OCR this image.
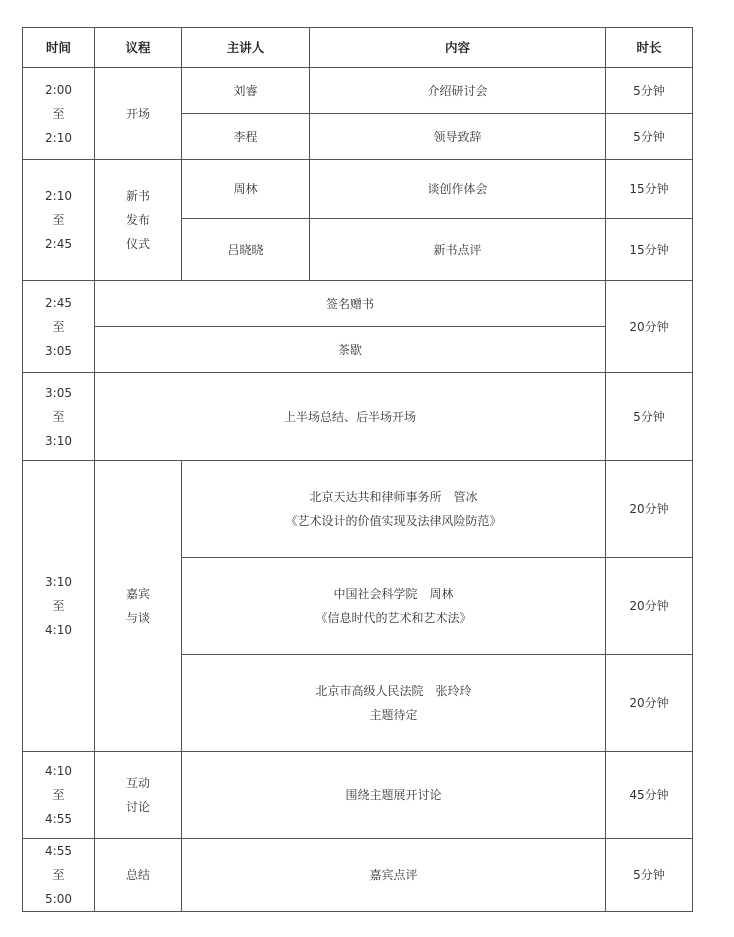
时间	议程	主讲人	内容	时长

2:00
至
2:10	开场	刘睿	介绍研讨会	5分钟
		李程	领导致辞	5分钟

2:10
至
2:45	新书
发布
仪式	周林	谈创作体会	15分钟
		吕晓晓	新书点评	15分钟

2:45
至
3:05	签名赠书			20分钟
	茶歇			

3:05
至
3:10	上半场总结、后半场开场			5分钟

3:10
至
4:10	嘉宾
与谈	北京天达共和律师事务所　管冰
《艺术设计的价值实现及法律风险防范》		20分钟

		中国社会科学院　周林
《信息时代的艺术和艺术法》		20分钟

		北京市高级人民法院　张玲玲
主题待定		20分钟

4:10
至
4:55	互动
讨论	围绕主题展开讨论		45分钟

4:55
至
5:00	总结	嘉宾点评		5分钟
